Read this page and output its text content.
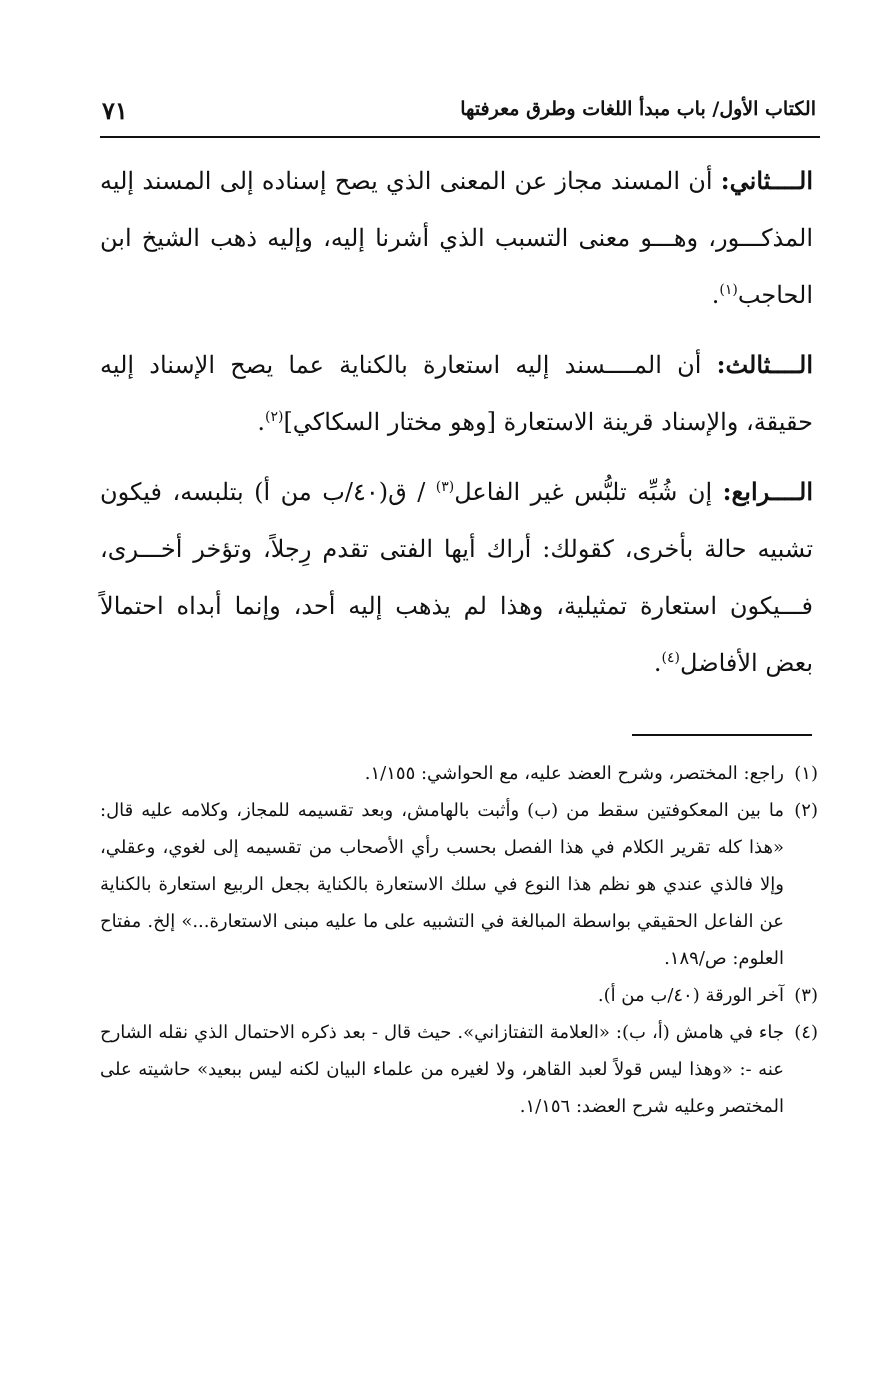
٧١	الكتاب الأول/ باب مبدأ اللغات وطرق معرفتها

الــــثاني: أن المسند مجاز عن المعنى الذي يصح إسناده إلى المسند إليه المذكـــور، وهـــو معنى التسبب الذي أشرنا إليه، وإليه ذهب الشيخ ابن الحاجب$^{(١)}$.

الــــثالث: أن المــــسند إليه استعارة بالكناية عما يصح الإسناد إليه حقيقة، والإسناد قرينة الاستعارة [وهو مختار السكاكي]$^{(٢)}$.

الــــرابع: إن شُبِّه تلبُّس غير الفاعل$^{(٣)}$ / ق(٤٠/ب من أ) بتلبسه، فيكون تشبيه حالة بأخرى، كقولك: أراك أيها الفتى تقدم رِجلاً، وتؤخر أخـــرى، فـــيكون استعارة تمثيلية، وهذا لم يذهب إليه أحد، وإنما أبداه احتمالاً بعض الأفاضل$^{(٤)}$.

(١)
راجع: المختصر، وشرح العضد عليه، مع الحواشي: ١/١٥٥.
(٢)
ما بين المعكوفتين سقط من (ب) وأثبت بالهامش، وبعد تقسيمه للمجاز، وكلامه عليه قال: «هذا كله تقرير الكلام في هذا الفصل بحسب رأي الأصحاب من تقسيمه إلى لغوي، وعقلي، وإلا فالذي عندي هو نظم هذا النوع في سلك الاستعارة بالكناية بجعل الربيع استعارة بالكناية عن الفاعل الحقيقي بواسطة المبالغة في التشبيه على ما عليه مبنى الاستعارة...» إلخ. مفتاح العلوم: ص/١٨٩.
(٣)
آخر الورقة (٤٠/ب من أ).
(٤)
جاء في هامش (أ، ب): «العلامة التفتازاني». حيث قال - بعد ذكره الاحتمال الذي نقله الشارح عنه -: «وهذا ليس قولاً لعبد القاهر، ولا لغيره من علماء البيان لكنه ليس ببعيد» حاشيته على المختصر وعليه شرح العضد: ١/١٥٦.
